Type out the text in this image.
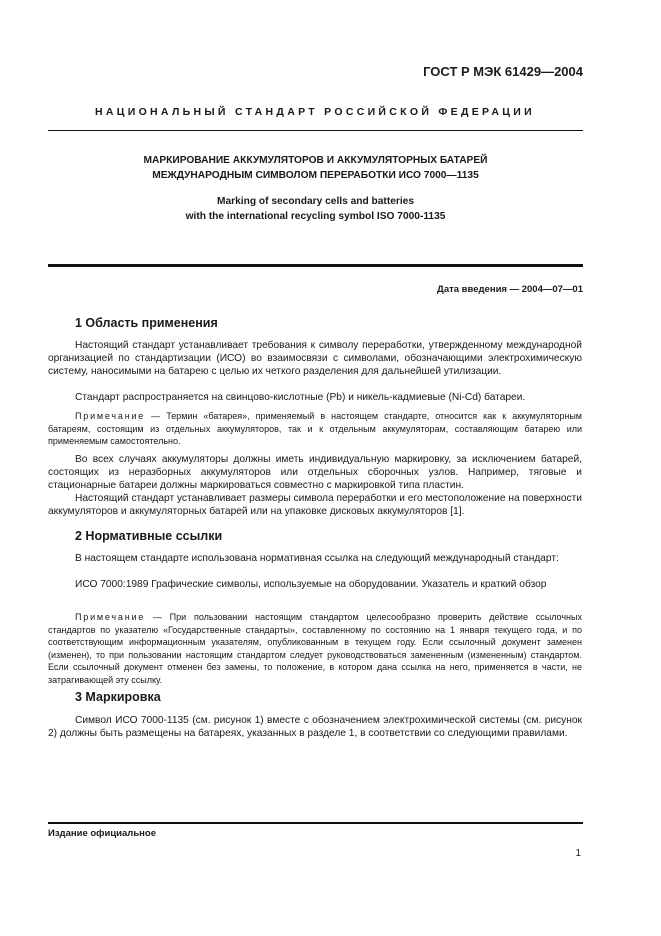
ГОСТ Р МЭК 61429—2004
НАЦИОНАЛЬНЫЙ СТАНДАРТ РОССИЙСКОЙ ФЕДЕРАЦИИ
МАРКИРОВАНИЕ АККУМУЛЯТОРОВ И АККУМУЛЯТОРНЫХ БАТАРЕЙ
МЕЖДУНАРОДНЫМ СИМВОЛОМ ПЕРЕРАБОТКИ ИСО 7000—1135
Marking of secondary cells and batteries
with the international recycling symbol ISO 7000-1135
Дата введения — 2004—07—01
1 Область применения

Настоящий стандарт устанавливает требования к символу переработки, утвержденному международной организацией по стандартизации (ИСО) во взаимосвязи с символами, обозначающими электрохимическую систему, наносимыми на батарею с целью их четкого разделения для дальнейшей утилизации.

Стандарт распространяется на свинцово-кислотные (Pb) и никель-кадмиевые (Ni-Cd) батареи.

Примечание — Термин «батарея», применяемый в настоящем стандарте, относится как к аккумуляторным батареям, состоящим из отдельных аккумуляторов, так и к отдельным аккумуляторам, составляющим батарею или применяемым самостоятельно.

Во всех случаях аккумуляторы должны иметь индивидуальную маркировку, за исключением батарей, состоящих из неразборных аккумуляторов или отдельных сборочных узлов. Например, тяговые и стационарные батареи должны маркироваться совместно с маркировкой типа пластин.

Настоящий стандарт устанавливает размеры символа переработки и его местоположение на поверхности аккумуляторов и аккумуляторных батарей или на упаковке дисковых аккумуляторов [1].

2 Нормативные ссылки

В настоящем стандарте использована нормативная ссылка на следующий международный стандарт:

ИСО 7000:1989 Графические символы, используемые на оборудовании. Указатель и краткий обзор

Примечание — При пользовании настоящим стандартом целесообразно проверить действие ссылочных стандартов по указателю «Государственные стандарты», составленному по состоянию на 1 января текущего года, и по соответствующим информационным указателям, опубликованным в текущем году. Если ссылочный документ заменен (изменен), то при пользовании настоящим стандартом следует руководствоваться замененным (измененным) стандартом. Если ссылочный документ отменен без замены, то положение, в котором дана ссылка на него, применяется в части, не затрагивающей эту ссылку.

3 Маркировка

Символ ИСО 7000-1135 (см. рисунок 1) вместе с обозначением электрохимической системы (см. рисунок 2) должны быть размещены на батареях, указанных в разделе 1, в соответствии со следующими правилами.

Издание официальное
1
